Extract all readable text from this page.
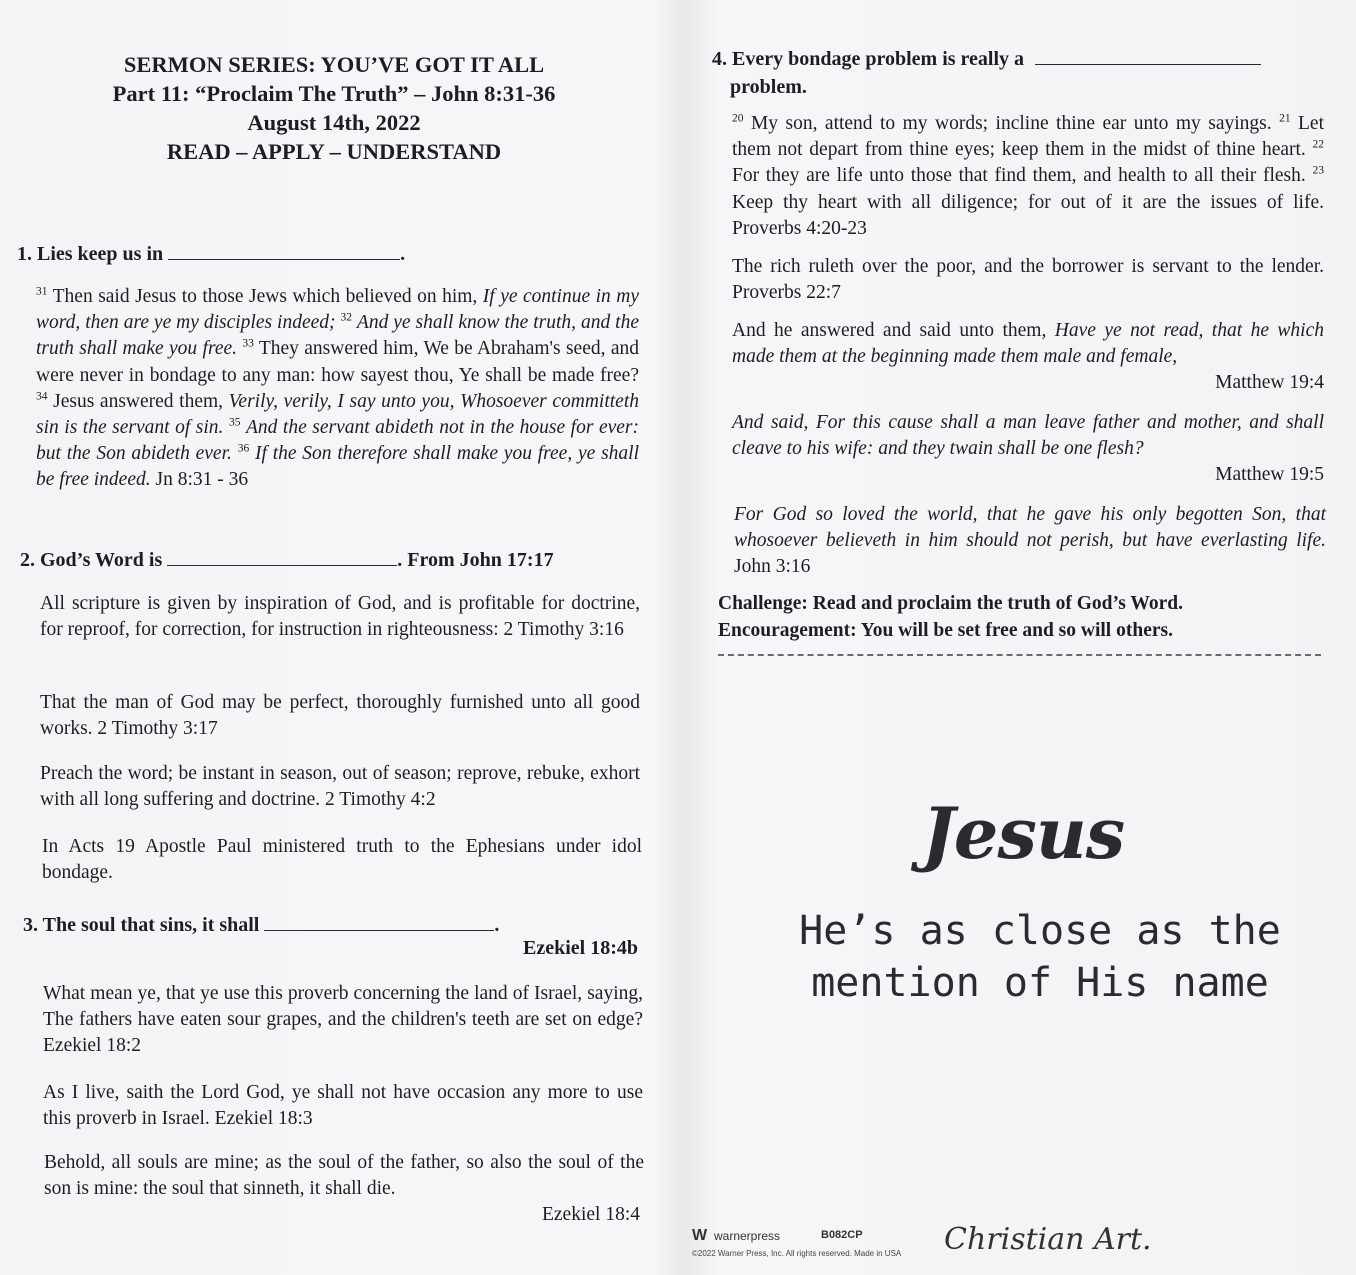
SERMON SERIES: YOU’VE GOT IT ALL
Part 11: “Proclaim The Truth” – John 8:31-36
August 14th, 2022
READ – APPLY – UNDERSTAND
1. Lies keep us in	.
$^{31}$ Then said Jesus to those Jews which believed on him, If ye continue in my word, then are ye my disciples indeed; $^{32}$ And ye shall know the truth, and the truth shall make you free. $^{33}$ They answered him, We be Abraham's seed, and were never in bondage to any man: how sayest thou, Ye shall be made free? $^{34}$ Jesus answered them, Verily, verily, I say unto you, Whosoever committeth sin is the servant of sin. $^{35}$ And the servant abideth not in the house for ever: but the Son abideth ever. $^{36}$ If the Son therefore shall make you free, ye shall be free indeed. Jn 8:31 - 36
2. God’s Word is	. From John 17:17
All scripture is given by inspiration of God, and is profitable for doctrine, for reproof, for correction, for instruction in righteousness: 2 Timothy 3:16
That the man of God may be perfect, thoroughly furnished unto all good works. 2 Timothy 3:17
Preach the word; be instant in season, out of season; reprove, rebuke, exhort with all long suffering and doctrine. 2 Timothy 4:2
In Acts 19 Apostle Paul ministered truth to the Ephesians under idol bondage.
3. The soul that sins, it shall	.
Ezekiel 18:4b
What mean ye, that ye use this proverb concerning the land of Israel, saying, The fathers have eaten sour grapes, and the children's teeth are set on edge? Ezekiel 18:2
As I live, saith the Lord God, ye shall not have occasion any more to use this proverb in Israel. Ezekiel 18:3
Behold, all souls are mine; as the soul of the father, so also the soul of the son is mine: the soul that sinneth, it shall die.
Ezekiel 18:4
4. Every bondage problem is really a
problem.
$^{20}$ My son, attend to my words; incline thine ear unto my sayings. $^{21}$ Let them not depart from thine eyes; keep them in the midst of thine heart. $^{22}$ For they are life unto those that find them, and health to all their flesh. $^{23}$ Keep thy heart with all diligence; for out of it are the issues of life. Proverbs 4:20-23
The rich ruleth over the poor, and the borrower is servant to the lender. Proverbs 22:7
And he answered and said unto them, Have ye not read, that he which made them at the beginning made them male and female,
Matthew 19:4
And said, For this cause shall a man leave father and mother, and shall cleave to his wife: and they twain shall be one flesh?
Matthew 19:5
For God so loved the world, that he gave his only begotten Son, that whosoever believeth in him should not perish, but have everlasting life. John 3:16
Challenge: Read and proclaim the truth of God’s Word.
Encouragement: You will be set free and so will others.
Jesus
He’s as close as the
mention of His name
W warnerpress	B082CP
©2022 Warner Press, Inc. All rights reserved. Made in USA Christian Art.
